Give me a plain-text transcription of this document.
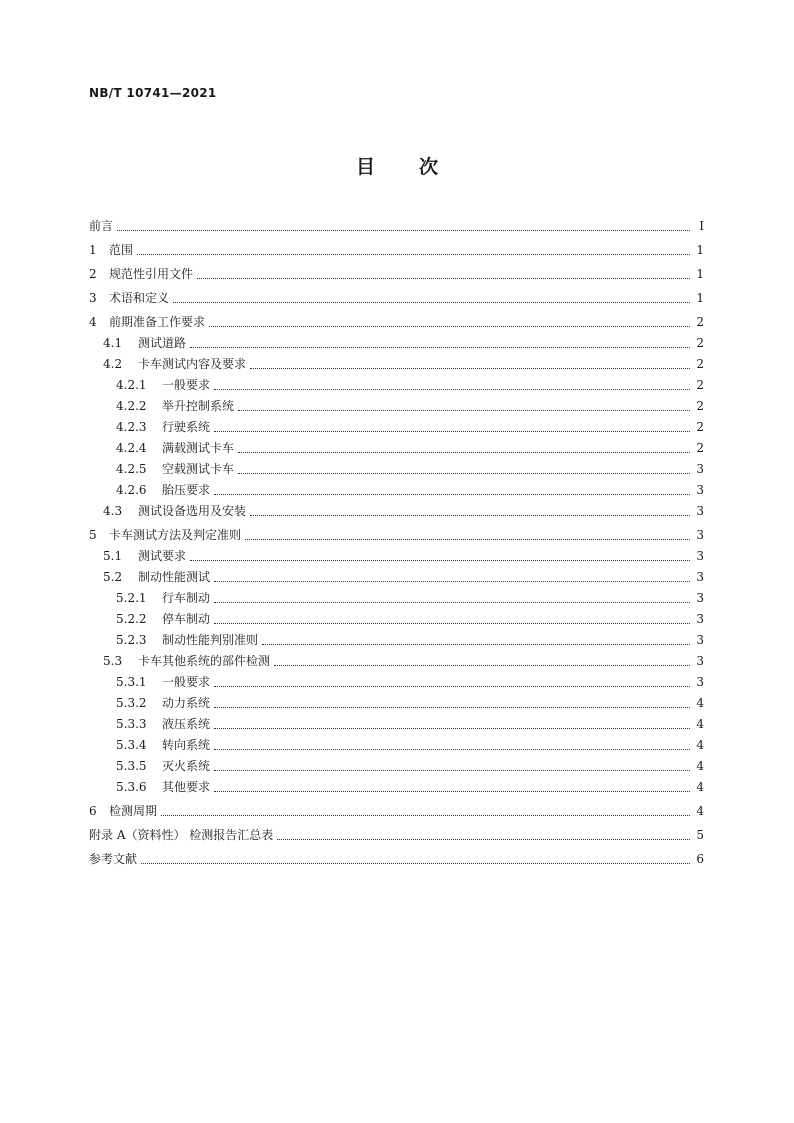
NB/T 10741—2021
目 次
前言	I
1	范围	1
2	规范性引用文件	1
3	术语和定义	1
4	前期准备工作要求	2
4.1	测试道路	2
4.2	卡车测试内容及要求	2
4.2.1	一般要求	2
4.2.2	举升控制系统	2
4.2.3	行驶系统	2
4.2.4	满载测试卡车	2
4.2.5	空载测试卡车	3
4.2.6	胎压要求	3
4.3	测试设备选用及安装	3
5	卡车测试方法及判定准则	3
5.1	测试要求	3
5.2	制动性能测试	3
5.2.1	行车制动	3
5.2.2	停车制动	3
5.2.3	制动性能判别准则	3
5.3	卡车其他系统的部件检测	3
5.3.1	一般要求	3
5.3.2	动力系统	4
5.3.3	液压系统	4
5.3.4	转向系统	4
5.3.5	灭火系统	4
5.3.6	其他要求	4
6	检测周期	4
附录 A（资料性） 检测报告汇总表	5
参考文献	6
